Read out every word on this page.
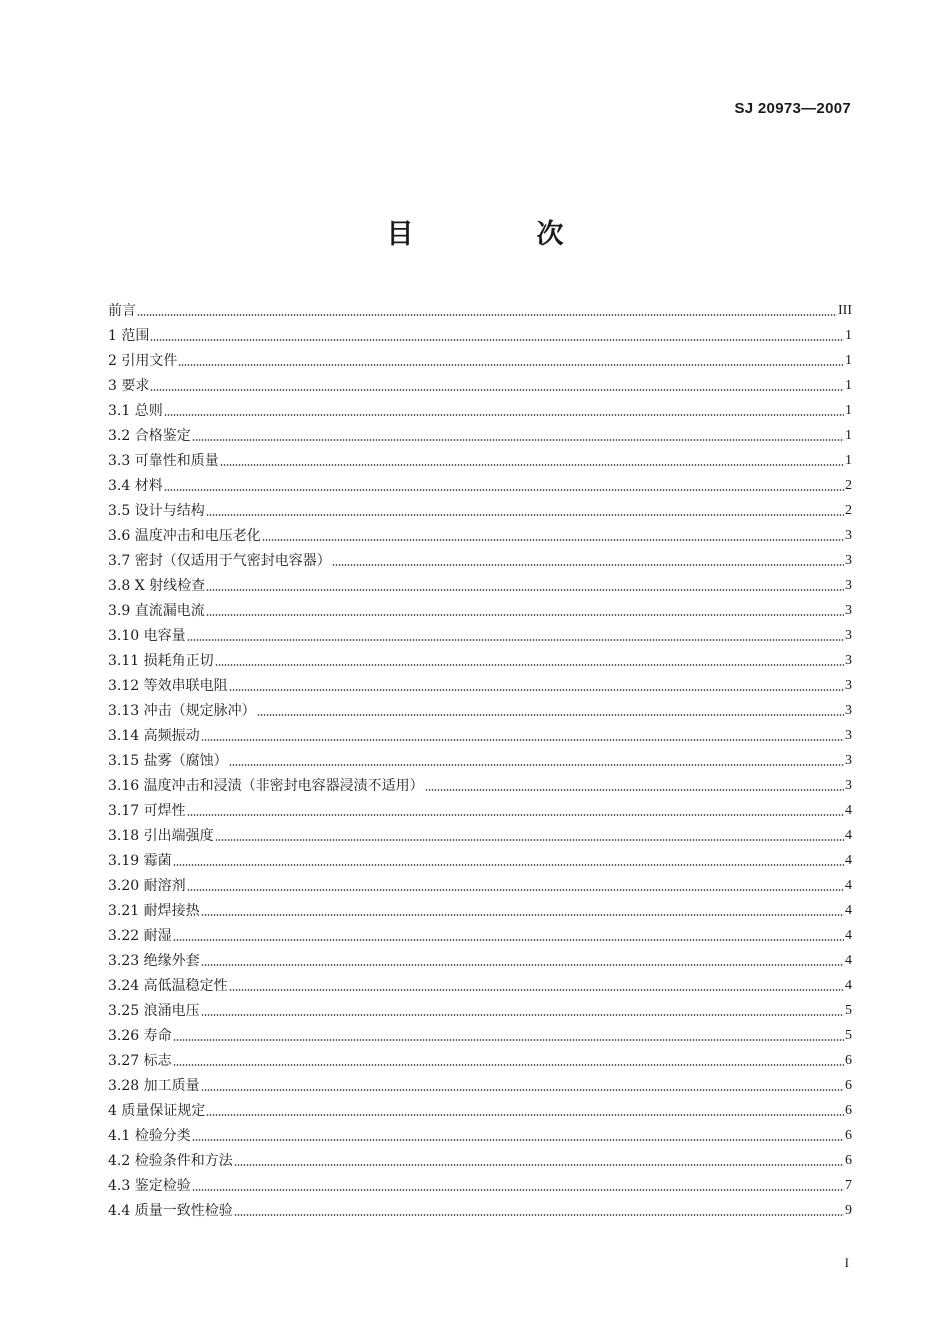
SJ 20973—2007
目　次
前言	III
1 范围	1
2 引用文件	1
3 要求	1
3.1 总则	1
3.2 合格鉴定	1
3.3 可靠性和质量	1
3.4 材料	2
3.5 设计与结构	2
3.6 温度冲击和电压老化	3
3.7 密封（仅适用于气密封电容器）	3
3.8 X 射线检查	3
3.9 直流漏电流	3
3.10 电容量	3
3.11 损耗角正切	3
3.12 等效串联电阻	3
3.13 冲击（规定脉冲）	3
3.14 高频振动	3
3.15 盐雾（腐蚀）	3
3.16 温度冲击和浸渍（非密封电容器浸渍不适用）	3
3.17 可焊性	4
3.18 引出端强度	4
3.19 霉菌	4
3.20 耐溶剂	4
3.21 耐焊接热	4
3.22 耐湿	4
3.23 绝缘外套	4
3.24 高低温稳定性	4
3.25 浪涌电压	5
3.26 寿命	5
3.27 标志	6
3.28 加工质量	6
4 质量保证规定	6
4.1 检验分类	6
4.2 检验条件和方法	6
4.3 鉴定检验	7
4.4 质量一致性检验	9
I
